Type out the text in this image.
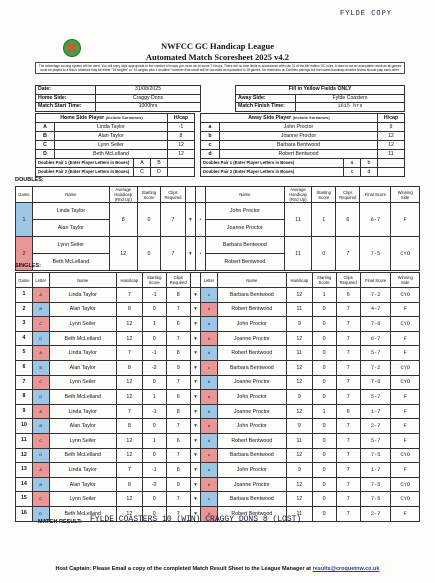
FYLDE COPY
NWFCC GC Handicap League
Automated Match Scoresheet 2025 v4.2
The advantage scoring system will be used. You will carry clips appropriate to the number of hoops you must run to score 7 Hoops. There are no time limits in accordance with rule 21 of the 6th edition GC rules. A draw is not an acceptable result as all games must be played to a finish. Matches may be either "16 singles" or "16 singles plus 1 doubles" however final result will be recorded as equivalent to 18 games. No restriction on Doubles pairings but the lowest handicap doubles teams should play each other.
Date:	31/08/2025		Fill in Yellow Fields ONLY	
Home Side:	Craggy Dons		Away Side:	Fylde Coasters
Match Start Time:	1000hrs		Match Finish Time:	1615 hrs
Home Side Player (Include Surnames)				H/cap
A	Linda Taylor			-1
B	Alan Taylor			8
C	Lynn Seiler			12
D	Beth McLelland			12
Doubles Pair 1 (Enter Player Letters in Boxes)		A	B	
Doubles Pair 2 (Enter Player Letters in Boxes)		C	D	
Away Side Player (Include Surnames)				H/cap
a	John Proctor			9
b	Joanne Proctor			12
c	Barbara Bentwood			12
d	Robert Bentwood			11
Doubles Pair 1 (Enter Player Letters in Boxes)		a	b	
Doubles Pair 2 (Enter Player Letters in Boxes)		c	d	
DOUBLES:
Game	Name	Average Handicap (Rnd Up)	Starting Score	Clips Required			Name	Average Handicap (Rnd Up)	Starting Score	Clips Required	Final Score	Winning Side
1	Linda Taylor	8	0	7	▾	•	John Proctor	11	1	6	6-7	F
	Alan Taylor						Joanne Proctor					
2	Lynn Seiler	12	0	7	▾	•	Barbara Bentwood	11	0	7	7-5	CYO
	Beth McLelland						Robert Bentwood					
SINGLES:
Game	Letter	Name	Handicap	Starting Score	Clips Required		Letter	Name	Handicap	Starting Score	Clips Required	Final Score	Winning Side
1	A	Linda Taylor	7	-1	8	▾	c	Barbara Bentwood	12	1	6	7-2	CYO
2	B	Alan Taylor	8	0	7	▾	d	Robert Bentwood	11	0	7	4-7	F
3	C	Lynn Seiler	12	1	6	▾	a	John Proctor	9	0	7	7-6	CYO
4	D	Beth McLelland	12	0	7	▾	b	Joanne Proctor	12	0	7	6-7	F
5	A	Linda Taylor	7	-1	8	▾	d	Robert Bentwood	11	0	7	5-7	F
6	B	Alan Taylor	8	-2	9	▾	c	Barbara Bentwood	12	0	7	7-2	CYO
7	C	Lynn Seiler	12	0	7	▾	b	Joanne Proctor	12	0	7	7-6	CYO
8	D	Beth McLelland	12	1	6	▾	a	John Proctor	9	0	7	5-7	F
9	A	Linda Taylor	7	-1	8	▾	b	Joanne Proctor	12	1	6	1-7	F
10	B	Alan Taylor	8	0	7	▾	a	John Proctor	9	0	7	2-7	F
11	C	Lynn Seiler	12	1	6	▾	d	Robert Bentwood	11	0	7	5-7	F
12	D	Beth McLelland	12	0	7	▾	c	Barbara Bentwood	12	0	7	7-5	CYO
13	A	Linda Taylor	7	-1	8	▾	a	John Proctor	9	0	7	1-7	F
14	B	Alan Taylor	8	-2	9	▾	b	Joanne Proctor	12	0	7	7-5	CYO
15	C	Lynn Seiler	12	0	7	▾	c	Barbara Bentwood	12	0	7	7-5	CYO
16	D	Beth McLelland	12	0	7	▾	d	Robert Bentwood	11	0	7	2-7	F
MATCH RESULT: FYLDE COASTERS 10 (WIN) CRAGGY DONS 8 (LOST)
Host Captain: Please Email a copy of the completed Match Result Sheet to the League Manager at results@croquetnw.co.uk
